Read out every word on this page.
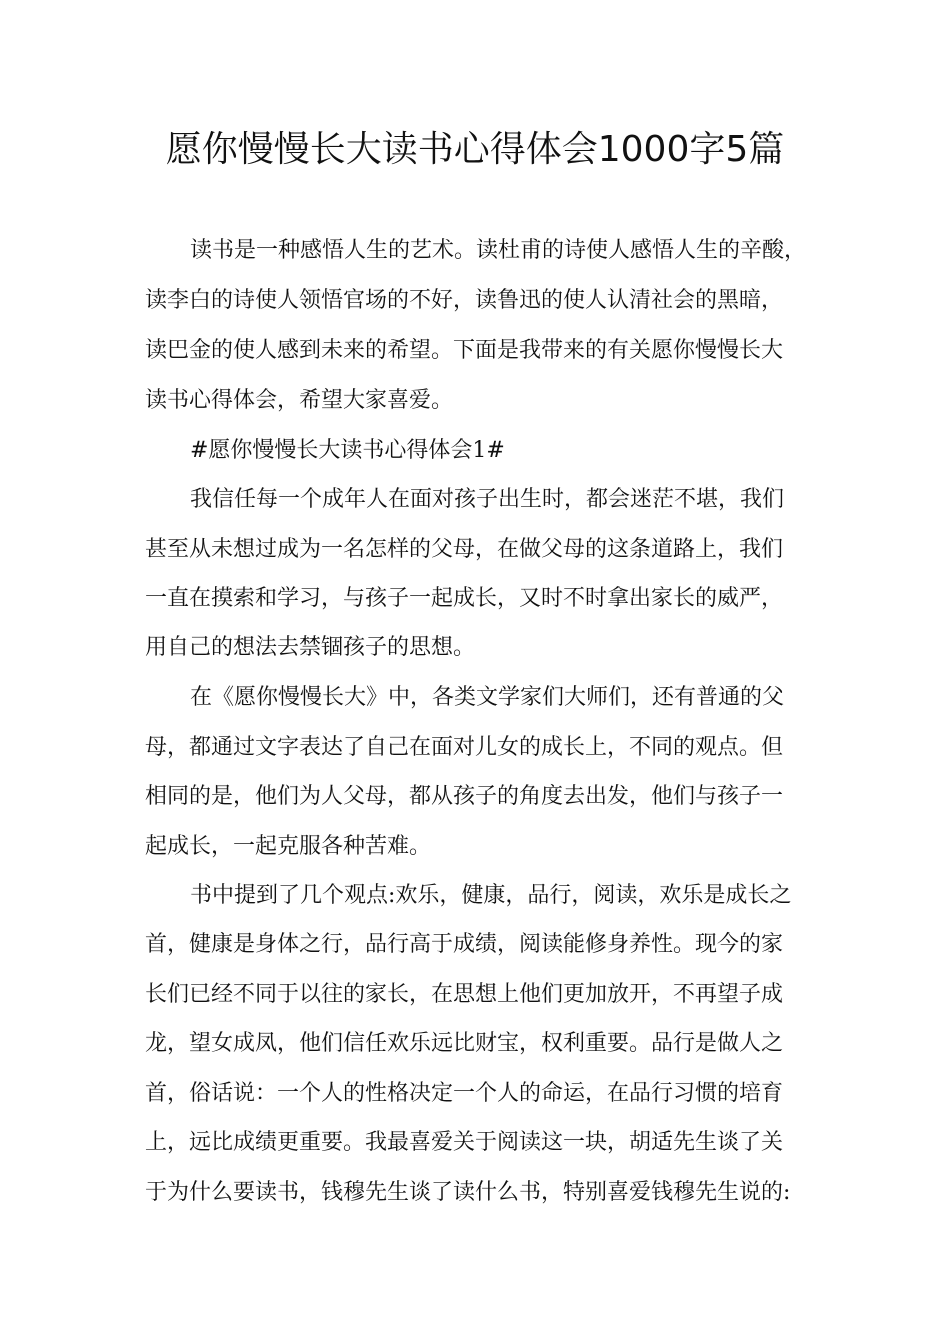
愿你慢慢长大读书心得体会1000字5篇
读书是一种感悟人生的艺术。读杜甫的诗使人感悟人生的辛酸，
读李白的诗使人领悟官场的不好，读鲁迅的使人认清社会的黑暗，
读巴金的使人感到未来的希望。下面是我带来的有关愿你慢慢长大
读书心得体会，希望大家喜爱。
#愿你慢慢长大读书心得体会1#
我信任每一个成年人在面对孩子出生时，都会迷茫不堪，我们
甚至从未想过成为一名怎样的父母，在做父母的这条道路上，我们
一直在摸索和学习，与孩子一起成长，又时不时拿出家长的威严，
用自己的想法去禁锢孩子的思想。
在《愿你慢慢长大》中，各类文学家们大师们，还有普通的父
母，都通过文字表达了自己在面对儿女的成长上，不同的观点。但
相同的是，他们为人父母，都从孩子的角度去出发，他们与孩子一
起成长，一起克服各种苦难。
书中提到了几个观点:欢乐，健康，品行，阅读，欢乐是成长之
首，健康是身体之行，品行高于成绩，阅读能修身养性。现今的家
长们已经不同于以往的家长，在思想上他们更加放开，不再望子成
龙，望女成凤，他们信任欢乐远比财宝，权利重要。品行是做人之
首，俗话说：一个人的性格决定一个人的命运，在品行习惯的培育
上，远比成绩更重要。我最喜爱关于阅读这一块，胡适先生谈了关
于为什么要读书，钱穆先生谈了读什么书，特别喜爱钱穆先生说的:
